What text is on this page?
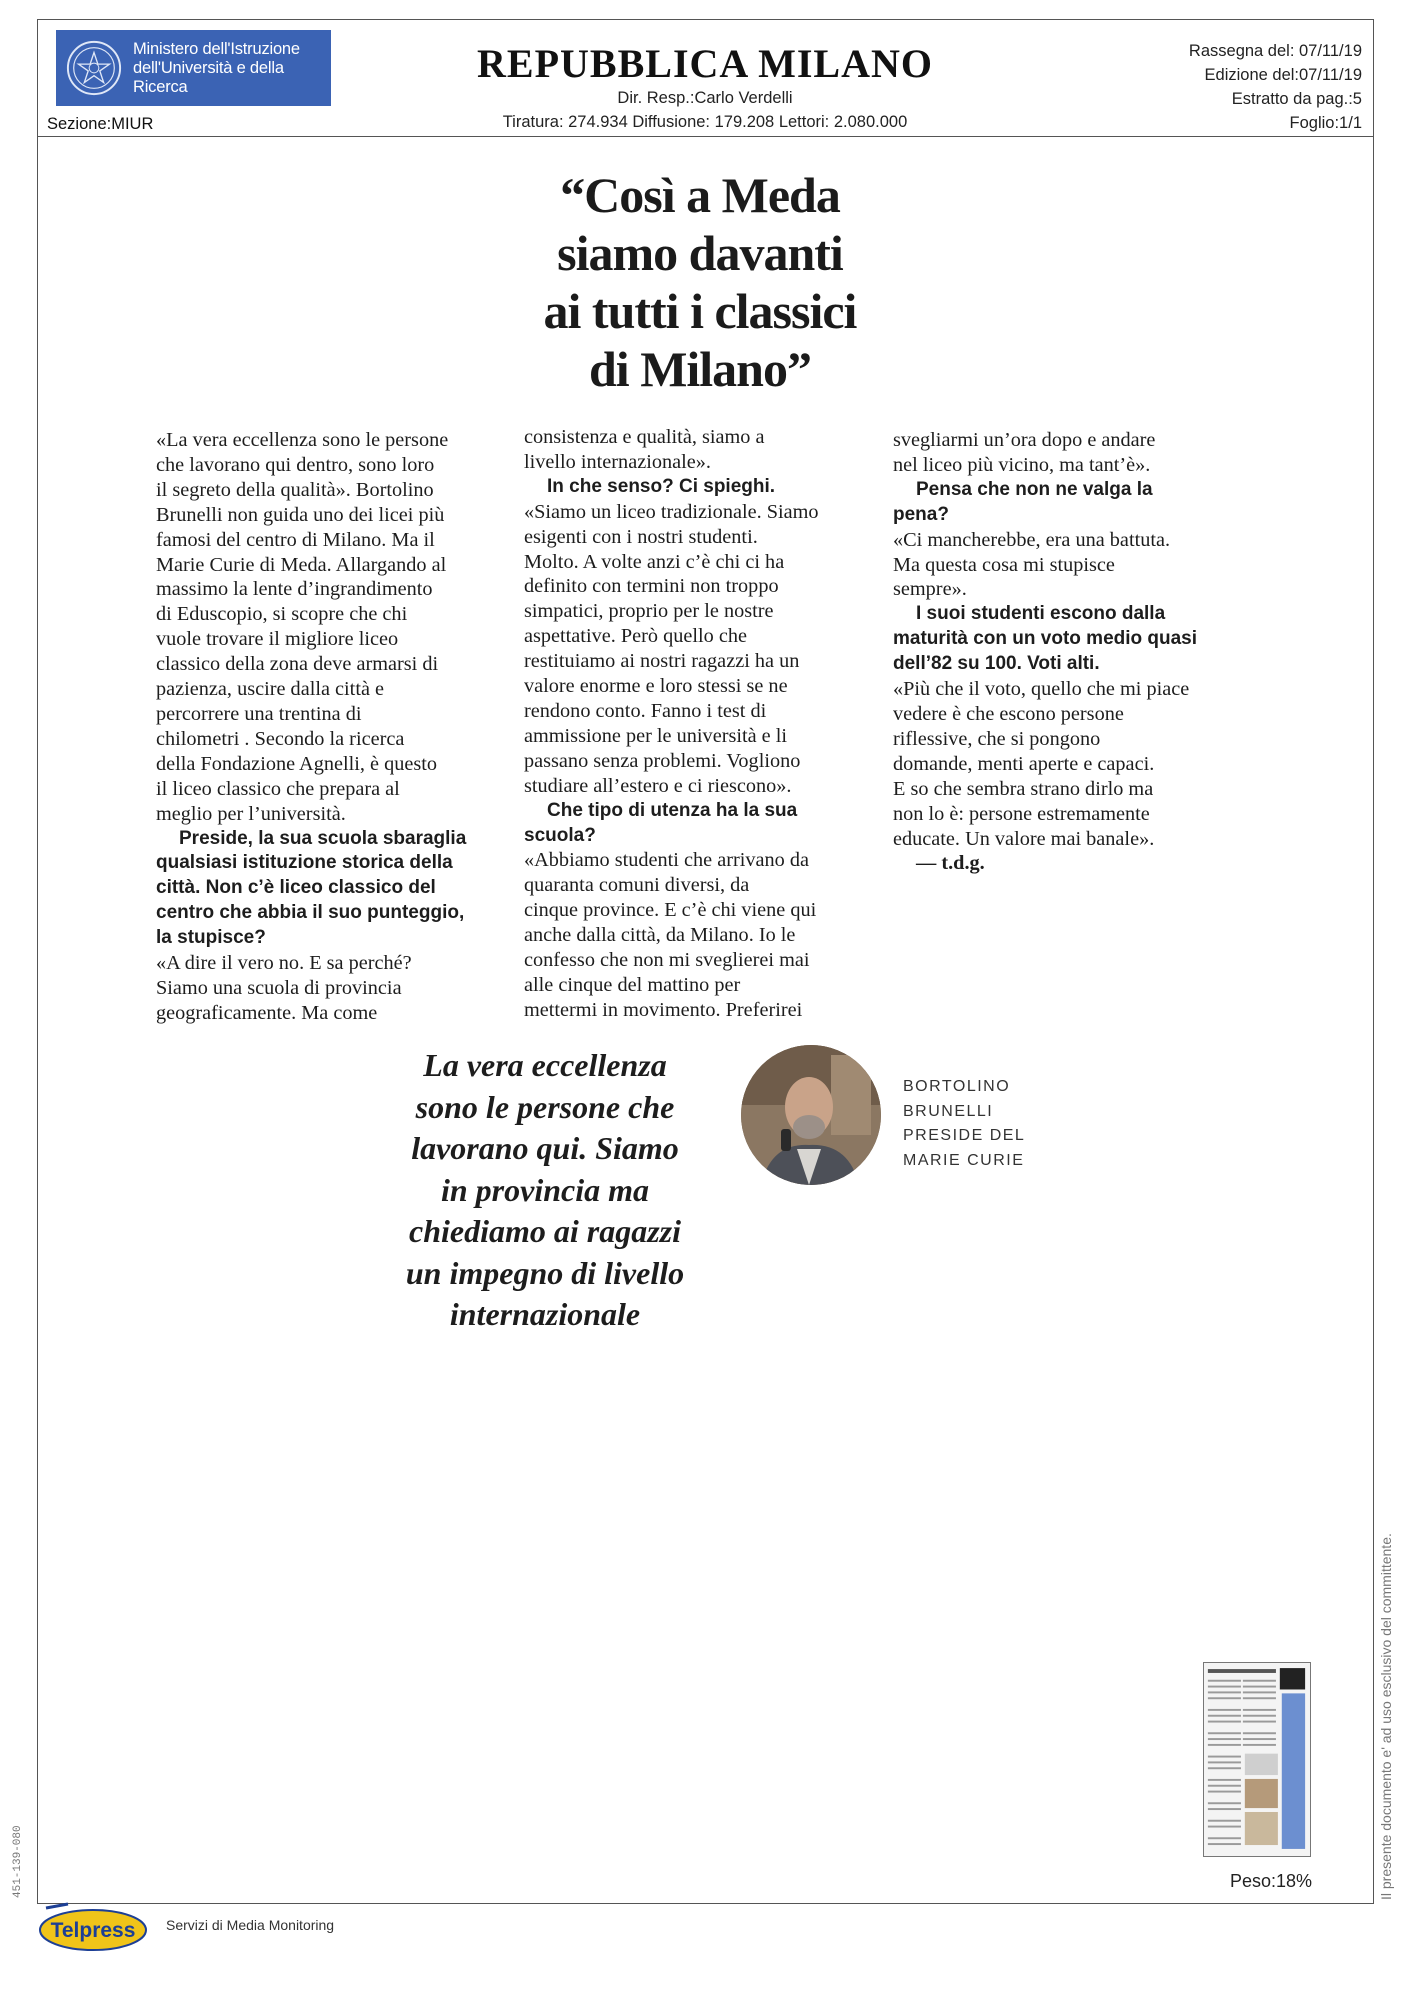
Ministero dell'Istruzione
dell'Università e della
Ricerca
Sezione:MIUR
REPUBBLICA MILANO
Dir. Resp.:Carlo Verdelli
Tiratura: 274.934 Diffusione: 179.208 Lettori: 2.080.000
Rassegna del: 07/11/19
Edizione del:07/11/19
Estratto da pag.:5
Foglio:1/1
“Così a Meda
siamo davanti
ai tutti i classici
di Milano”
«La vera eccellenza sono le persone
che lavorano qui dentro, sono loro
il segreto della qualità». Bortolino
Brunelli non guida uno dei licei più
famosi del centro di Milano. Ma il
Marie Curie di Meda. Allargando al
massimo la lente d’ingrandimento
di Eduscopio, si scopre che chi
vuole trovare il migliore liceo
classico della zona deve armarsi di
pazienza, uscire dalla città e
percorrere una trentina di
chilometri . Secondo la ricerca
della Fondazione Agnelli, è questo
il liceo classico che prepara al
meglio per l’università.
Preside, la sua scuola sbaraglia
qualsiasi istituzione storica della
città. Non c’è liceo classico del
centro che abbia il suo punteggio,
la stupisce?
«A dire il vero no. E sa perché?
Siamo una scuola di provincia
geograficamente. Ma come
consistenza e qualità, siamo a
livello internazionale».
In che senso? Ci spieghi.
«Siamo un liceo tradizionale. Siamo
esigenti con i nostri studenti.
Molto. A volte anzi c’è chi ci ha
definito con termini non troppo
simpatici, proprio per le nostre
aspettative. Però quello che
restituiamo ai nostri ragazzi ha un
valore enorme e loro stessi se ne
rendono conto. Fanno i test di
ammissione per le università e li
passano senza problemi. Vogliono
studiare all’estero e ci riescono».
Che tipo di utenza ha la sua
scuola?
«Abbiamo studenti che arrivano da
quaranta comuni diversi, da
cinque province. E c’è chi viene qui
anche dalla città, da Milano. Io le
confesso che non mi sveglierei mai
alle cinque del mattino per
mettermi in movimento. Preferirei
svegliarmi un’ora dopo e andare
nel liceo più vicino, ma tant’è».
Pensa che non ne valga la
pena?
«Ci mancherebbe, era una battuta.
Ma questa cosa mi stupisce
sempre».
I suoi studenti escono dalla
maturità con un voto medio quasi
dell’82 su 100. Voti alti.
«Più che il voto, quello che mi piace
vedere è che escono persone
riflessive, che si pongono
domande, menti aperte e capaci.
E so che sembra strano dirlo ma
non lo è: persone estremamente
educate. Un valore mai banale».
— t.d.g.
La vera eccellenza
sono le persone che
lavorano qui. Siamo
in provincia ma
chiediamo ai ragazzi
un impegno di livello
internazionale
BORTOLINO
BRUNELLI
PRESIDE DEL
MARIE CURIE
Peso:18%	Il presente documento e' ad uso esclusivo del committente.
451-139-080
Telpress Servizi di Media Monitoring
